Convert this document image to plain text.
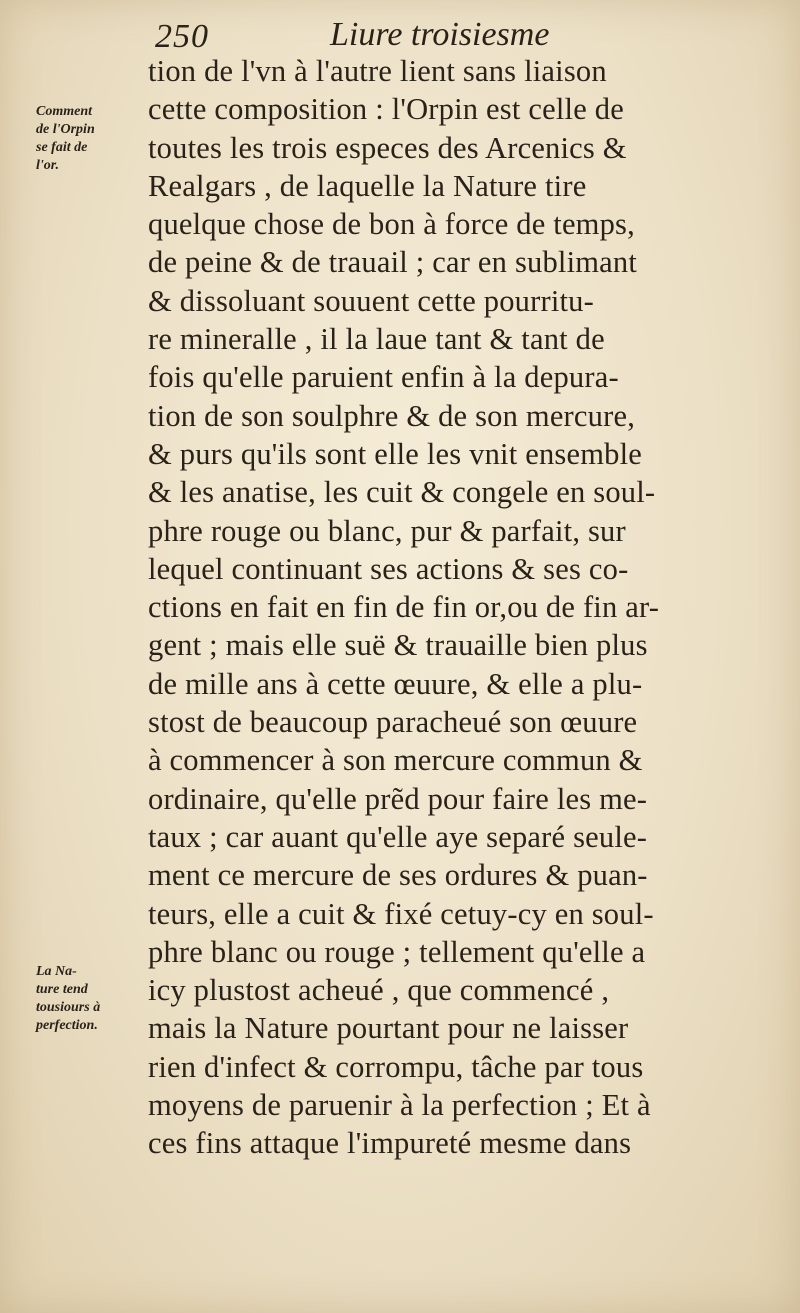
250	Liure troisiesme
Comment
de l'Orpin
se fait de
l'or.
La Na-
ture tend
tousiours à
perfection.
tion de l'vn à l'autre lient sans liaison
cette composition : l'Orpin est celle de
toutes les trois especes des Arcenics &
Realgars , de laquelle la Nature tire
quelque chose de bon à force de temps,
de peine & de trauail ; car en sublimant
& dissoluant souuent cette pourritu-
re mineralle , il la laue tant & tant de
fois qu'elle paruient enfin à la depura-
tion de son soulphre & de son mercure,
& purs qu'ils sont elle les vnit ensemble
& les anatise, les cuit & congele en soul-
phre rouge ou blanc, pur & parfait, sur
lequel continuant ses actions & ses co-
ctions en fait en fin de fin or,ou de fin ar-
gent ; mais elle suë & trauaille bien plus
de mille ans à cette œuure, & elle a plu-
stost de beaucoup paracheué son œuure
à commencer à son mercure commun &
ordinaire, qu'elle prẽd pour faire les me-
taux ; car auant qu'elle aye separé seule-
ment ce mercure de ses ordures & puan-
teurs, elle a cuit & fixé cetuy-cy en soul-
phre blanc ou rouge ; tellement qu'elle a
icy plustost acheué , que commencé ,
mais la Nature pourtant pour ne laisser
rien d'infect & corrompu, tâche par tous
moyens de paruenir à la perfection ; Et à
ces fins attaque l'impureté mesme dans
